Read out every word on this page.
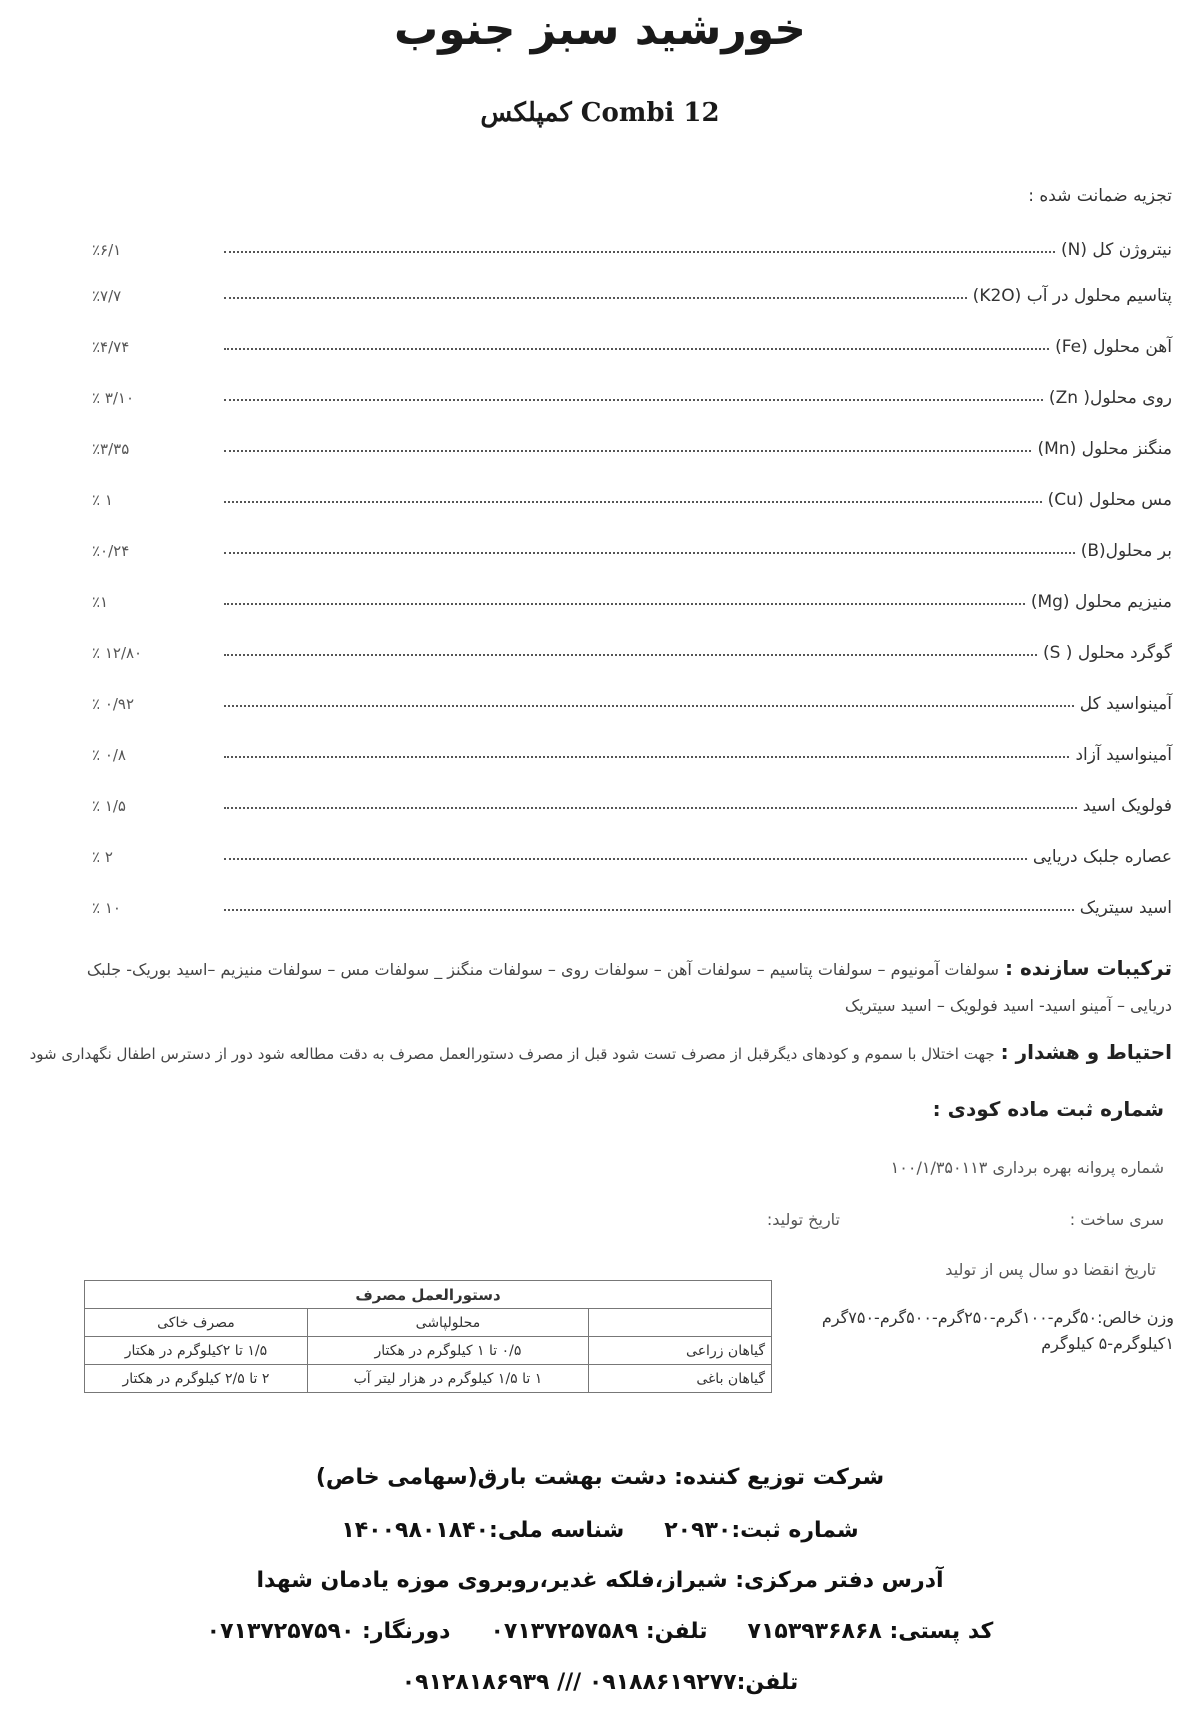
خورشید سبز جنوب
Combi 12 کمپلکس
تجزیه ضمانت شده :
نیتروژن کل (N)
٪۶/۱
پتاسیم محلول در آب (K2O)
٪۷/۷
آهن محلول (Fe)
٪۴/۷۴
روی محلول( Zn)
٪ ۳/۱۰
منگنز محلول (Mn)
٪۳/۳۵
مس محلول (Cu)
٪ ۱
بر محلول(B)
٪۰/۲۴
منیزیم محلول (Mg)
٪۱
گوگرد محلول ( S)
٪ ۱۲/۸۰
آمینواسید کل
٪ ۰/۹۲
آمینواسید آزاد
٪ ۰/۸
فولویک اسید
٪ ۱/۵
عصاره جلبک دریایی
٪ ۲
اسید سیتریک
٪ ۱۰
ترکیبات سازنده :سولفات آمونیوم – سولفات پتاسیم – سولفات آهن – سولفات روی – سولفات منگنز _ سولفات مس – سولفات منیزیم –اسید بوریک- جلبک دریایی – آمینو اسید- اسید فولویک – اسید سیتریک
احتیاط و هشدار :جهت اختلال با سموم و کودهای دیگرقبل از مصرف تست شود قبل از مصرف دستورالعمل مصرف به دقت مطالعه شود دور از دسترس اطفال نگهداری شود
شماره ثبت ماده کودی :
شماره پروانه بهره برداری ۱۰۰/۱/۳۵۰۱۱۳
سری ساخت :
تاریخ تولید:
تاریخ انقضا دو سال پس از تولید
وزن خالص:۵۰گرم-۱۰۰گرم-۲۵۰گرم-۵۰۰گرم-۷۵۰گرم
۱کیلوگرم-۵ کیلوگرم
دستورالعمل مصرف		
	محلولپاشی	مصرف خاکی
گیاهان زراعی	۰/۵ تا ۱ کیلوگرم در هکتار	۱/۵ تا ۲کیلوگرم در هکتار
گیاهان باغی	۱ تا ۱/۵ کیلوگرم در هزار لیتر آب	۲ تا ۲/۵ کیلوگرم در هکتار
شرکت توزیع کننده: دشت بهشت بارق(سهامی خاص)
شماره ثبت:۲۰۹۳۰شناسه ملی:۱۴۰۰۹۸۰۱۸۴۰
آدرس دفتر مرکزی: شیراز،فلکه غدیر،روبروی موزه یادمان شهدا
کد پستی: ۷۱۵۳۹۳۶۸۶۸تلفن: ۰۷۱۳۷۲۵۷۵۸۹دورنگار: ۰۷۱۳۷۲۵۷۵۹۰
تلفن:۰۹۱۸۸۶۱۹۲۷۷ /// ۰۹۱۲۸۱۸۶۹۳۹
